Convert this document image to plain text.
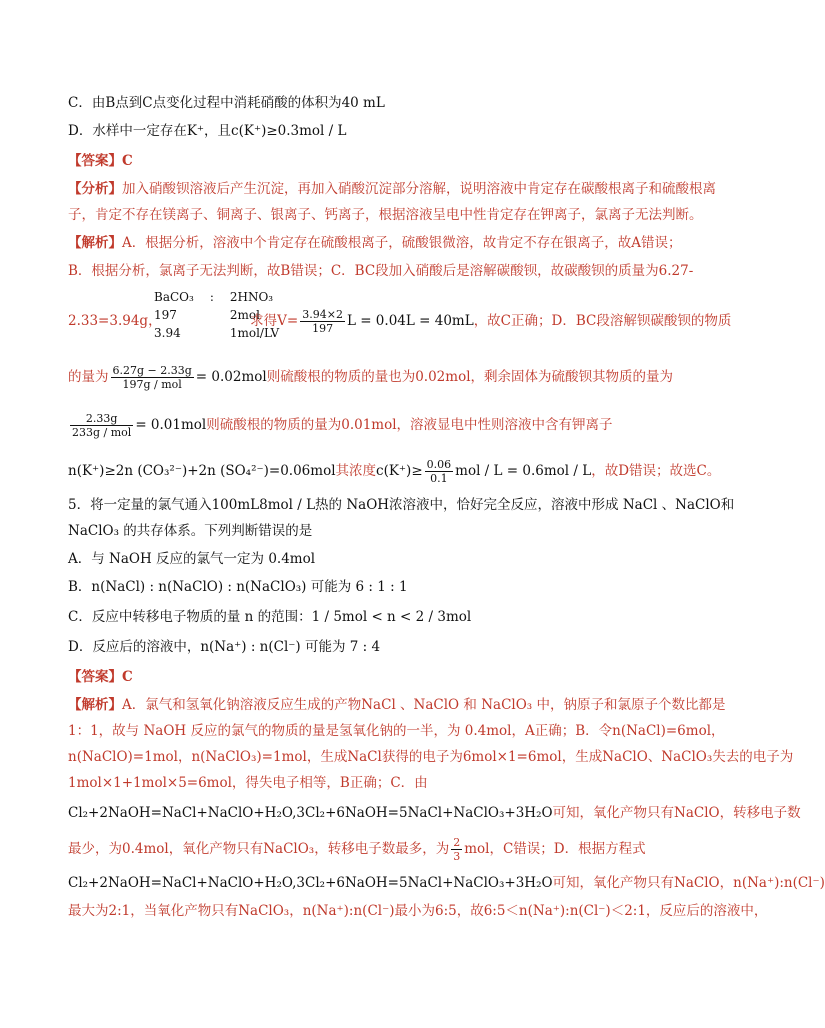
C．由B点到C点变化过程中消耗硝酸的体积为40 mL
D．水样中一定存在K⁺，且c(K⁺)≥0.3mol / L
【答案】C
【分析】加入硝酸钡溶液后产生沉淀，再加入硝酸沉淀部分溶解，说明溶液中肯定存在碳酸根离子和硫酸根离
子，肯定不存在镁离子、铜离子、银离子、钙离子，根据溶液呈电中性肯定存在钾离子，氯离子无法判断。
【解析】A．根据分析，溶液中个肯定存在硫酸根离子，硫酸银微溶，故肯定不存在银离子，故A错误；
B．根据分析，氯离子无法判断，故B错误；C．BC段加入硝酸后是溶解碳酸钡，故碳酸钡的质量为6.27-
BaCO₃	:	2HNO₃
197		2mol
3.94		1mol/LV
2.33=3.94g，	求得$V= \frac{3.94\times 2}{197}$ L = 0.04L = 40mL，故C正确；D．BC段溶解钡碳酸钡的物质
的量为 $\frac{6.27g - 2.33g}{\text{197g / mol}} = 0.02mol$则硫酸根的物质的量也为0.02mol，剩余固体为硫酸钡其物质的量为
$\frac{2.33g}{\text{233g / mol}} = 0.01mol$则硫酸根的物质的量为0.01mol，溶液显电中性则溶液中含有钾离子
n(K⁺)≥2n (CO₃²⁻)+2n (SO₄²⁻)=0.06mol其浓度$c(K^+)\ge \frac{0.06}{0.1}$ mol / L = 0.6mol / L，故D错误；故选C。
5．将一定量的氯气通入100mL8mol / L热的 NaOH浓溶液中，恰好完全反应，溶液中形成 NaCl 、NaClO和
NaClO₃ 的共存体系。下列判断错误的是
A．与 NaOH 反应的氯气一定为 0.4mol
B．n(NaCl) : n(NaClO) : n(NaClO₃) 可能为 6 : 1 : 1
C．反应中转移电子物质的量 n 的范围：1 / 5mol < n < 2 / 3mol
D．反应后的溶液中，n(Na⁺) : n(Cl⁻) 可能为 7 : 4
【答案】C
【解析】A．氯气和氢氧化钠溶液反应生成的产物NaCl 、NaClO 和 NaClO₃ 中，钠原子和氯原子个数比都是
1：1，故与 NaOH 反应的氯气的物质的量是氢氧化钠的一半，为 0.4mol，A正确；B．令n(NaCl)=6mol，
n(NaClO)=1mol，n(NaClO₃)=1mol，生成NaCl获得的电子为6mol×1=6mol，生成NaClO、NaClO₃失去的电子为
1mol×1+1mol×5=6mol，得失电子相等，B正确；C．由
Cl₂+2NaOH=NaCl+NaClO+H₂O,3Cl₂+6NaOH=5NaCl+NaClO₃+3H₂O可知，氧化产物只有NaClO，转移电子数
最少，为0.4mol，氧化产物只有NaClO₃，转移电子数最多，为 $\frac{2}{3}$ mol，C错误；D．根据方程式
Cl₂+2NaOH=NaCl+NaClO+H₂O,3Cl₂+6NaOH=5NaCl+NaClO₃+3H₂O可知，氧化产物只有NaClO，n(Na⁺):n(Cl⁻)
最大为2:1，当氧化产物只有NaClO₃，n(Na⁺):n(Cl⁻)最小为6:5，故6:5＜n(Na⁺):n(Cl⁻)＜2:1，反应后的溶液中，
